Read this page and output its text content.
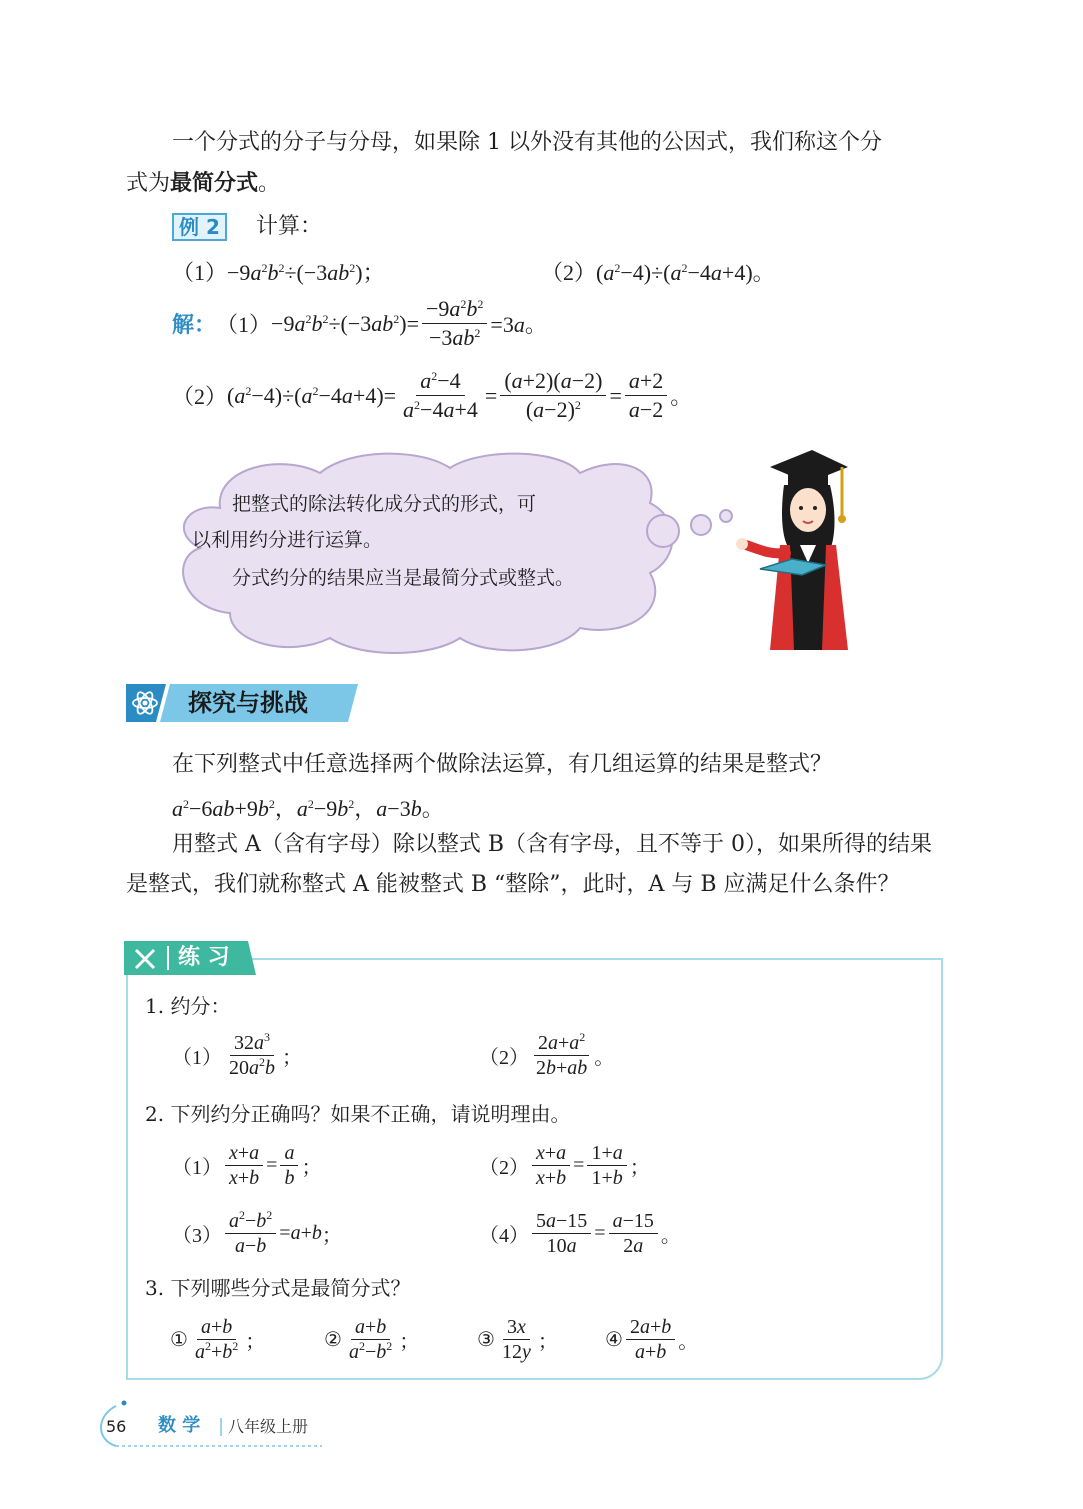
一个分式的分子与分母，如果除 1 以外没有其他的公因式，我们称这个分
式为最简分式。
例 2	计算：
$(1)-9a^2b^2\div(-3ab^2)$；	$(2)(a^2-4)\div(a^2-4a+4)$。
解： $(1) -9a^2b^2\div(-3ab^2)= \frac{-9a^2b^2}{-3ab^2} =3a$。
（2） $(a^2-4)\div(a^2-4a+4)= \frac{a^2-4}{a^2-4a+4} = \frac{(a+2)(a-2)}{(a-2)^2} = \frac{a+2}{a-2}$ 。
把整式的除法转化成分式的形式，可
以利用约分进行运算。
分式约分的结果应当是最简分式或整式。
探究与挑战
在下列整式中任意选择两个做除法运算，有几组运算的结果是整式？
$a^2-6ab+9b^2$，$a^2-9b^2$，a−3b。
用整式 A（含有字母）除以整式 B（含有字母，且不等于 0），如果所得的结果
是整式，我们就称整式 A 能被整式 B “整除”，此时，A 与 B 应满足什么条件？
练 习
1. 约分：
$(1) \frac{32a^3}{20a^2b}$ ；	$(2) \frac{2a+a^2}{2b+ab}$ 。
2. 下列约分正确吗？如果不正确，请说明理由。
$(1) \frac{x+a}{x+b} = \frac{a}{b}$ ；	$(2) \frac{x+a}{x+b} = \frac{1+a}{1+b}$ ；
$(3) \frac{a^2-b^2}{a-b} = a + b$ ；	$(4) \frac{5a-15}{10a} = \frac{a-15}{2a}$ 。
3. 下列哪些分式是最简分式？
① $\frac{a+b}{a^2+b^2}$ ；	② $\frac{a+b}{a^2-b^2}$ ；	③ $\frac{3x}{12y}$ ； ④ $\frac{2a+b}{a+b}$ 。
56 数 学 八年级上册
